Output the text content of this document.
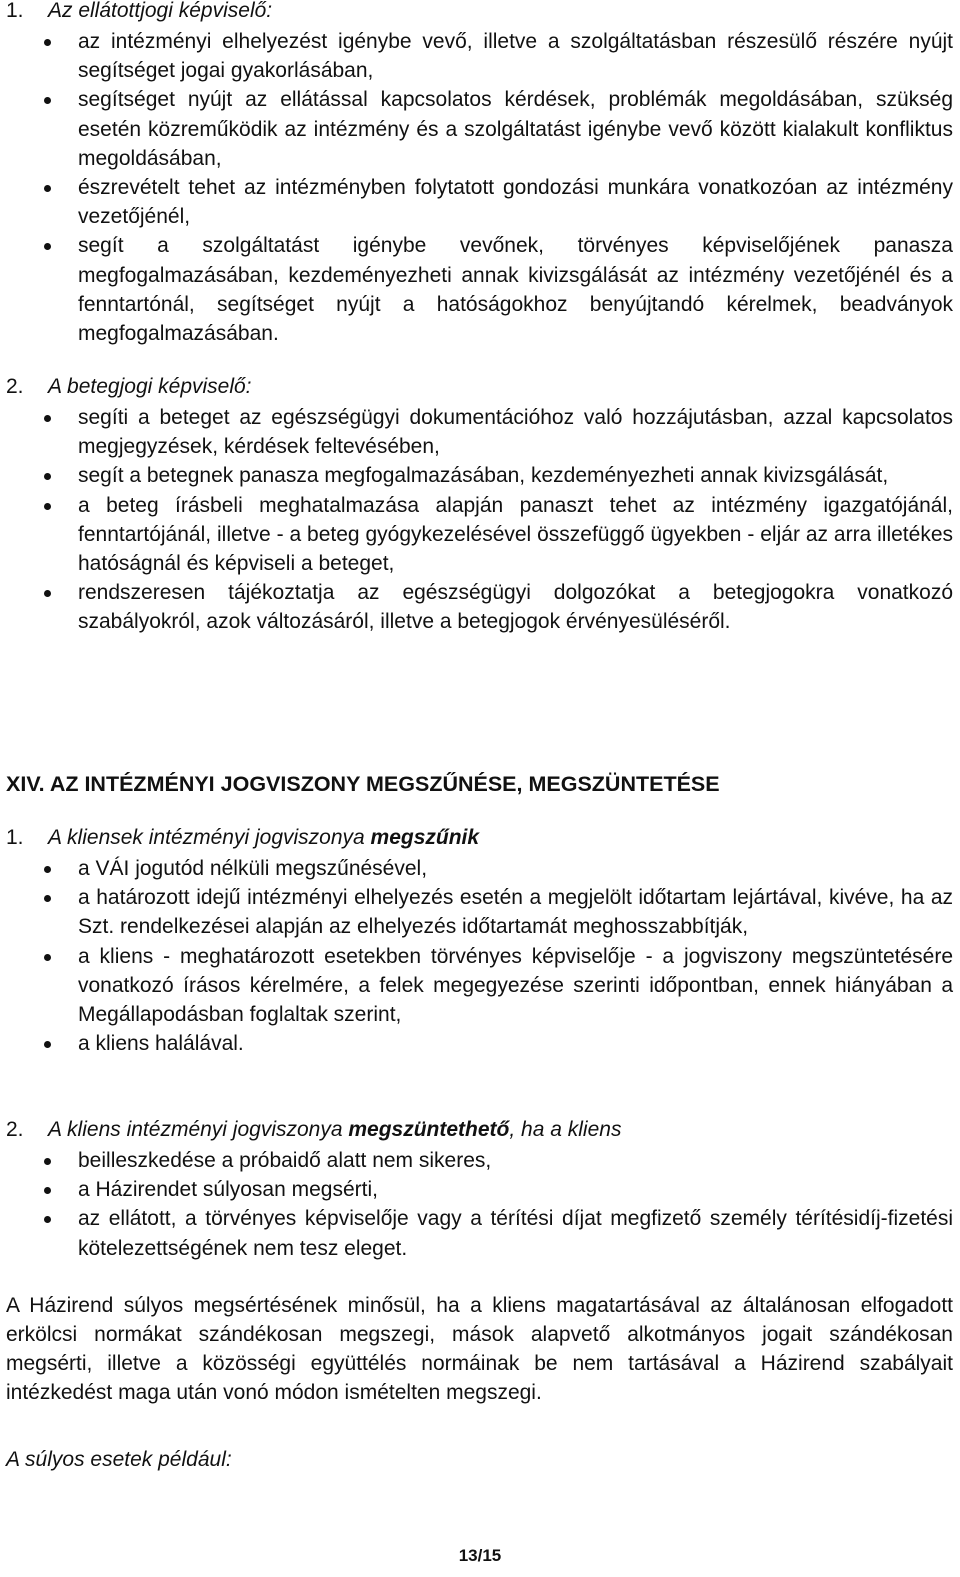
1.	Az ellátottjogi képviselő:
az intézményi elhelyezést igénybe vevő, illetve a szolgáltatásban részesülő részére nyújt segítséget jogai gyakorlásában,
segítséget nyújt az ellátással kapcsolatos kérdések, problémák megoldásában, szükség esetén közreműködik az intézmény és a szolgáltatást igénybe vevő között kialakult konfliktus megoldásában,
észrevételt tehet az intézményben folytatott gondozási munkára vonatkozóan az intézmény vezetőjénél,
segít a szolgáltatást igénybe vevőnek, törvényes képviselőjének panasza megfogalmazásában, kezdeményezheti annak kivizsgálását az intézmény vezetőjénél és a fenntartónál, segítséget nyújt a hatóságokhoz benyújtandó kérelmek, beadványok megfogalmazásában.
2.	A betegjogi képviselő:
segíti a beteget az egészségügyi dokumentációhoz való hozzájutásban, azzal kapcsolatos megjegyzések, kérdések feltevésében,
segít a betegnek panasza megfogalmazásában, kezdeményezheti annak kivizsgálását,
a beteg írásbeli meghatalmazása alapján panaszt tehet az intézmény igazgatójánál, fenntartójánál, illetve - a beteg gyógykezelésével összefüggő ügyekben - eljár az arra illetékes hatóságnál és képviseli a beteget,
rendszeresen tájékoztatja az egészségügyi dolgozókat a betegjogokra vonatkozó szabályokról, azok változásáról, illetve a betegjogok érvényesüléséről.
XIV. AZ INTÉZMÉNYI JOGVISZONY MEGSZŰNÉSE, MEGSZÜNTETÉSE
1.	A kliensek intézményi jogviszonya megszűnik
a VÁI jogutód nélküli megszűnésével,
a határozott idejű intézményi elhelyezés esetén a megjelölt időtartam lejártával, kivéve, ha az Szt. rendelkezései alapján az elhelyezés időtartamát meghosszabbítják,
a kliens - meghatározott esetekben törvényes képviselője - a jogviszony megszüntetésére vonatkozó írásos kérelmére, a felek megegyezése szerinti időpontban, ennek hiányában a Megállapodásban foglaltak szerint,
a kliens halálával.
2.	A kliens intézményi jogviszonya megszüntethető, ha a kliens
beilleszkedése a próbaidő alatt nem sikeres,
a Házirendet súlyosan megsérti,
az ellátott, a törvényes képviselője vagy a térítési díjat megfizető személy térítésidíj-fizetési kötelezettségének nem tesz eleget.
A Házirend súlyos megsértésének minősül, ha a kliens magatartásával az általánosan elfogadott erkölcsi normákat szándékosan megszegi, mások alapvető alkotmányos jogait szándékosan megsérti, illetve a közösségi együttélés normáinak be nem tartásával a Házirend szabályait intézkedést maga után vonó módon ismételten megszegi.
A súlyos esetek például:
13/15
